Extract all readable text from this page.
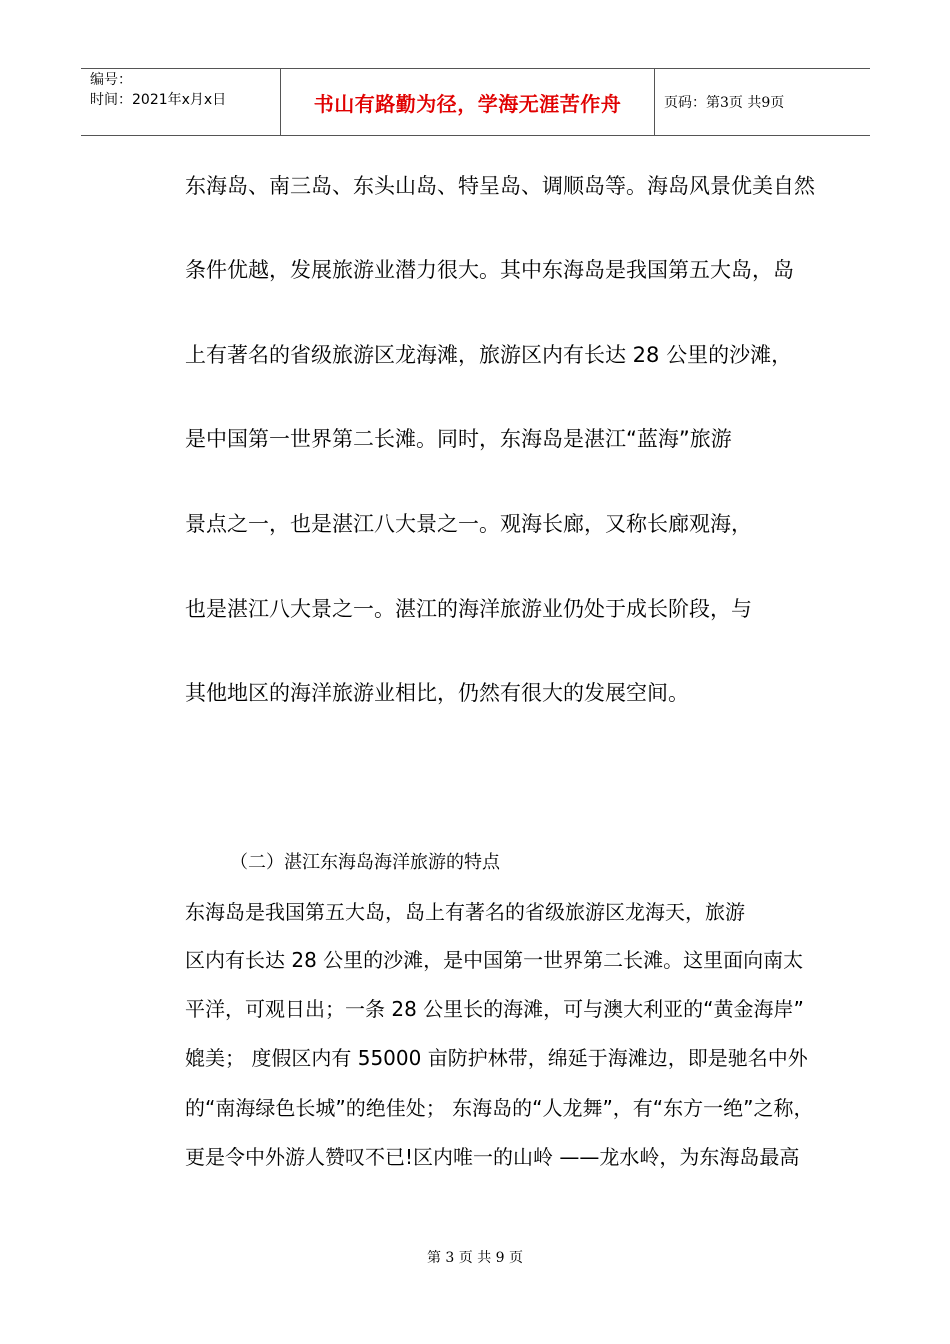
编号：
时间：2021年x月x日	书山有路勤为径，学海无涯苦作舟	页码：第3页 共9页
东海岛、南三岛、东头山岛、特呈岛、调顺岛等。海岛风景优美自然
条件优越，发展旅游业潜力很大。其中东海岛是我国第五大岛，岛
上有著名的省级旅游区龙海滩，旅游区内有长达 28 公里的沙滩，
是中国第一世界第二长滩。同时，东海岛是湛江“蓝海”旅游
景点之一，也是湛江八大景之一。观海长廊，又称长廊观海，
也是湛江八大景之一。湛江的海洋旅游业仍处于成长阶段，与
其他地区的海洋旅游业相比，仍然有很大的发展空间。
（二）湛江东海岛海洋旅游的特点
东海岛是我国第五大岛，岛上有著名的省级旅游区龙海天，旅游
区内有长达 28 公里的沙滩，是中国第一世界第二长滩。这里面向南太
平洋，可观日出；一条 28 公里长的海滩，可与澳大利亚的“黄金海岸”
媲美； 度假区内有 55000 亩防护林带，绵延于海滩边，即是驰名中外
的“南海绿色长城”的绝佳处； 东海岛的“人龙舞”，有“东方一绝”之称，
更是令中外游人赞叹不已!区内唯一的山岭 ——龙水岭，为东海岛最高
第 3 页 共 9 页
